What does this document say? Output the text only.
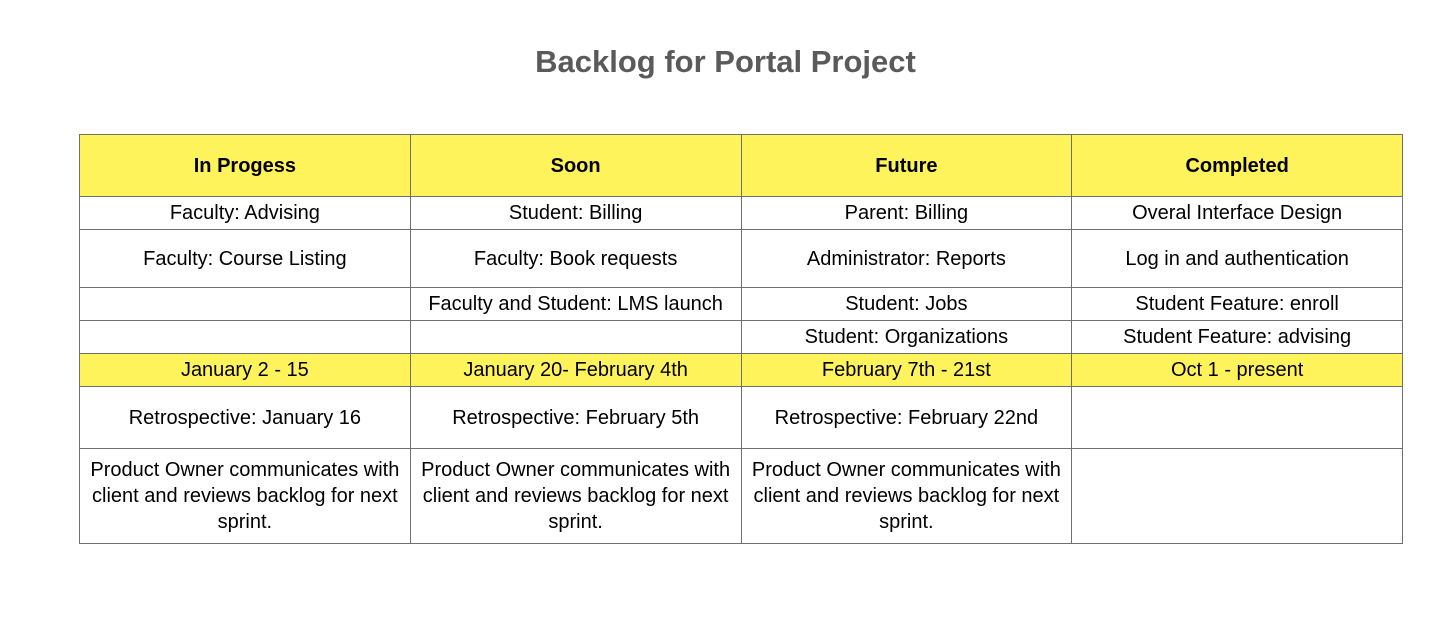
Backlog for Portal Project
In Progess	Soon	Future	Completed
Faculty: Advising	Student: Billing	Parent: Billing	Overal Interface Design
Faculty: Course Listing	Faculty: Book requests	Administrator: Reports	Log in and authentication
	Faculty and Student: LMS launch	Student: Jobs	Student Feature: enroll
		Student: Organizations	Student Feature: advising
January 2 - 15	January 20- February 4th	February 7th - 21st	Oct 1 - present
Retrospective: January 16	Retrospective: February 5th	Retrospective: February 22nd	
Product Owner communicates with client and reviews backlog for next sprint.	Product Owner communicates with client and reviews backlog for next sprint.	Product Owner communicates with client and reviews backlog for next sprint.	
